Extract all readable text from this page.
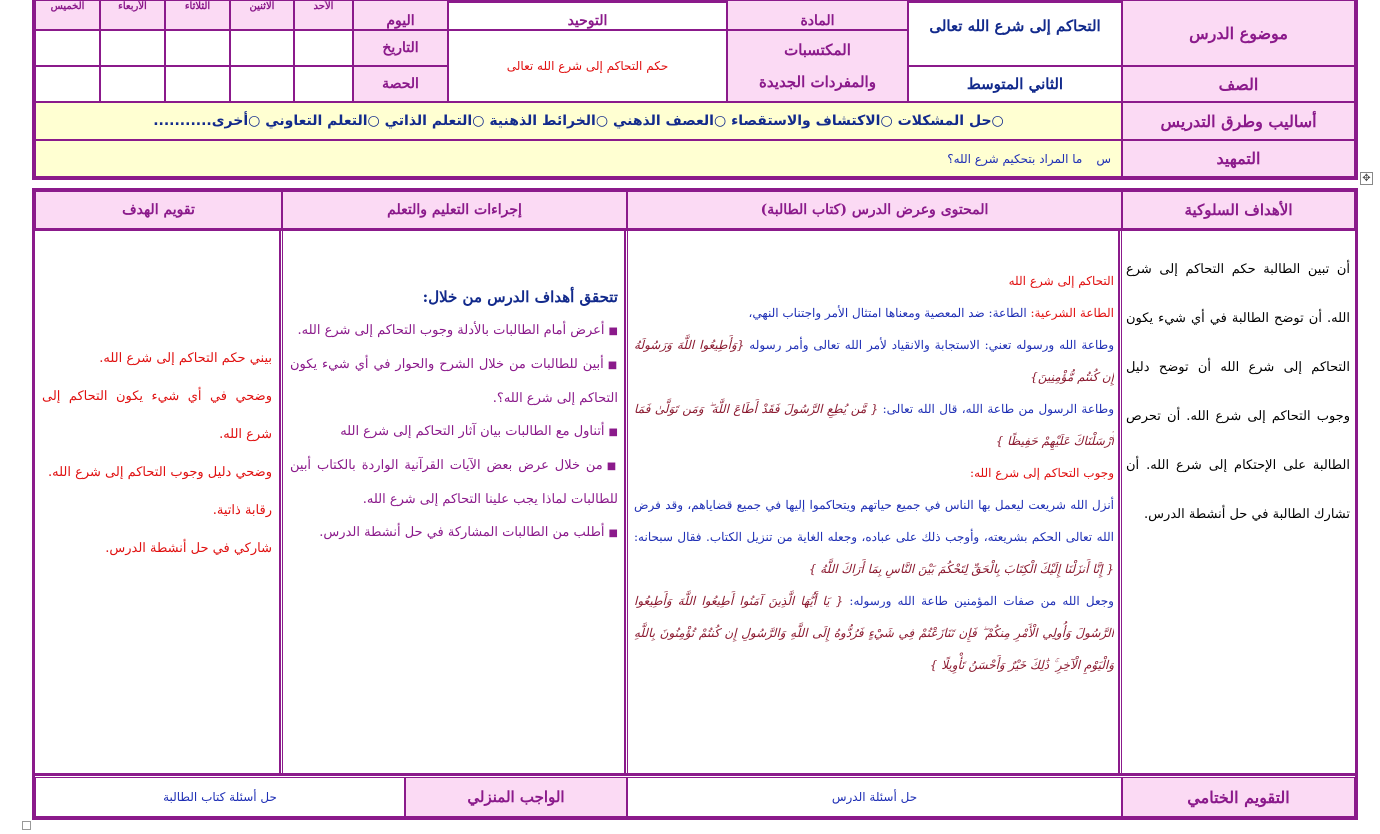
موضوع الدرس
التحاكم إلى شرع الله تعالى
المادة
المكتسبات
والمفردات الجديدة
التوحيد
حكم التحاكم إلى شرع الله تعالى
اليوم
التاريخ
الحصة
الأحد
الاثنين
الثلاثاء
الأربعاء
الخميس
الصف
الثاني المتوسط
أساليب وطرق التدريس
○حل المشكلات ○الاكتشاف والاستقصاء ○العصف الذهني ○الخرائط الذهنية ○التعلم الذاتي ○التعلم التعاوني ○أخرى...........
التمهيد
س
ما المراد بتحكيم شرع الله؟
✥
الأهداف السلوكية
المحتوى وعرض الدرس (كتاب الطالبة)
إجراءات التعليم والتعلم
تقويم الهدف
أن تبين الطالبة حكم التحاكم إلى شرع الله. أن توضح الطالبة في أي شيء يكون التحاكم إلى شرع الله أن توضح دليل وجوب التحاكم إلى شرع الله. أن تحرص الطالبة على الإحتكام إلى شرع الله. أن تشارك الطالبة في حل أنشطة الدرس.

التحاكم إلى شرع الله

الطاعة الشرعية: الطاعة: ضد المعصية ومعناها امتثال الأمر واجتناب النهي،

وطاعة الله ورسوله تعني: الاستجابة والانقياد لأمر الله تعالى وأمر رسوله {وَأَطِيعُوا اللَّهَ وَرَسُولَهُ إِن كُنتُم مُّؤْمِنِينَ}

وطاعة الرسول من طاعة الله، قال الله تعالى: { مَّن يُطِعِ الرَّسُولَ فَقَدْ أَطَاعَ اللَّهَ ۖ وَمَن تَوَلَّىٰ فَمَا أَرْسَلْنَاكَ عَلَيْهِمْ حَفِيظًا }

وجوب التحاكم إلى شرع الله:

أنزل الله شريعت ليعمل بها الناس في جميع حياتهم ويتحاكموا إليها في جميع قضاياهم، وقد فرض الله تعالى الحكم بشريعته، وأوجب ذلك على عباده، وجعله الغاية من تنزيل الكتاب. فقال سبحانه: { إِنَّا أَنزَلْنَا إِلَيْكَ الْكِتَابَ بِالْحَقِّ لِتَحْكُمَ بَيْنَ النَّاسِ بِمَا أَرَاكَ اللَّهُ }

وجعل الله من صفات المؤمنين طاعة الله ورسوله: { يَا أَيُّهَا الَّذِينَ آمَنُوا أَطِيعُوا اللَّهَ وَأَطِيعُوا الرَّسُولَ وَأُولِي الْأَمْرِ مِنكُمْ ۖ فَإِن تَنَازَعْتُمْ فِي شَيْءٍ فَرُدُّوهُ إِلَى اللَّهِ وَالرَّسُولِ إِن كُنتُمْ تُؤْمِنُونَ بِاللَّهِ وَالْيَوْمِ الْآخِرِ ۚ ذَٰلِكَ خَيْرٌ وَأَحْسَنُ تَأْوِيلًا }

تتحقق أهداف الدرس من خلال:

■أعرض أمام الطالبات بالأدلة وجوب التحاكم إلى شرع الله.

■أبين للطالبات من خلال الشرح والحوار في أي شيء يكون التحاكم إلى شرع الله؟.

■أتناول مع الطالبات بيان آثار التحاكم إلى شرع الله

■من خلال عرض بعض الآيات القرآنية الواردة بالكتاب أبين للطالبات لماذا يجب علينا التحاكم إلى شرع الله.

■أطلب من الطالبات المشاركة في حل أنشطة الدرس.

بيني حكم التحاكم إلى شرع الله.

وضحي في أي شيء يكون التحاكم إلى شرع الله.

وضحي دليل وجوب التحاكم إلى شرع الله.

رقابة ذاتية.

شاركي في حل أنشطة الدرس.

التقويم الختامي
حل أسئلة الدرس
الواجب المنزلي
حل أسئلة كتاب الطالبة
